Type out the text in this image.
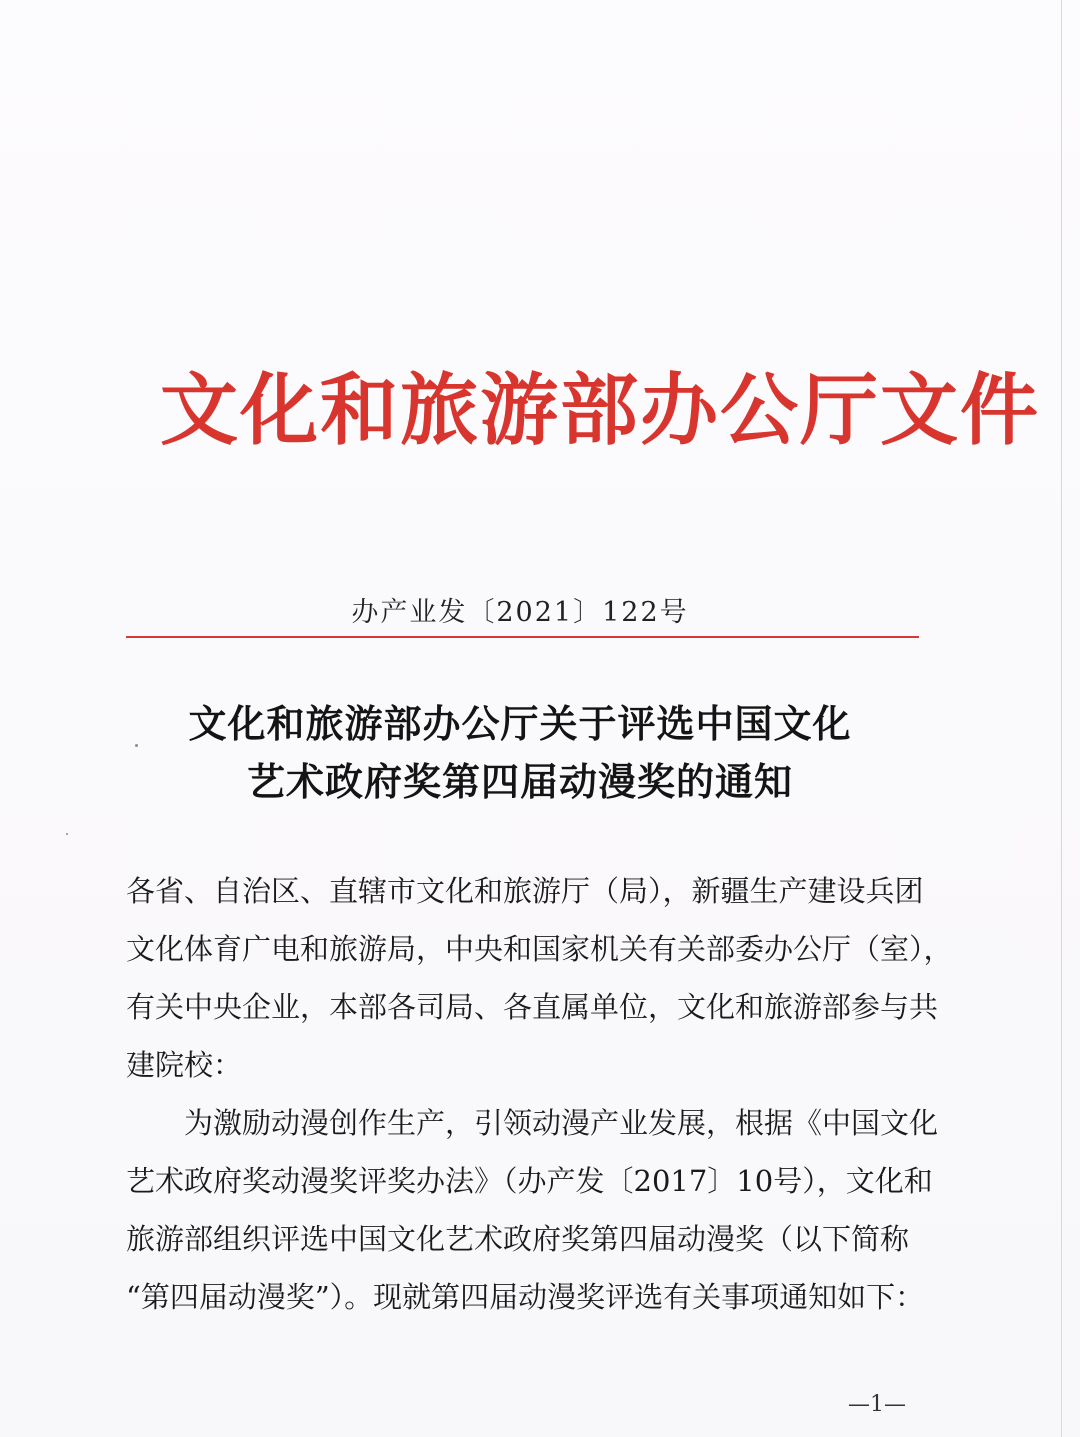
文化和旅游部办公厅文件
办产业发〔2021〕122号
文化和旅游部办公厅关于评选中国文化
艺术政府奖第四届动漫奖的通知

各省、自治区、直辖市文化和旅游厅（局），新疆生产建设兵团
文化体育广电和旅游局，中央和国家机关有关部委办公厅（室），
有关中央企业，本部各司局、各直属单位，文化和旅游部参与共
建院校：

为激励动漫创作生产，引领动漫产业发展，根据《中国文化
艺术政府奖动漫奖评奖办法》（办产发〔2017〕10号），文化和
旅游部组织评选中国文化艺术政府奖第四届动漫奖（以下简称
“第四届动漫奖”）。现就第四届动漫奖评选有关事项通知如下：

—1—
